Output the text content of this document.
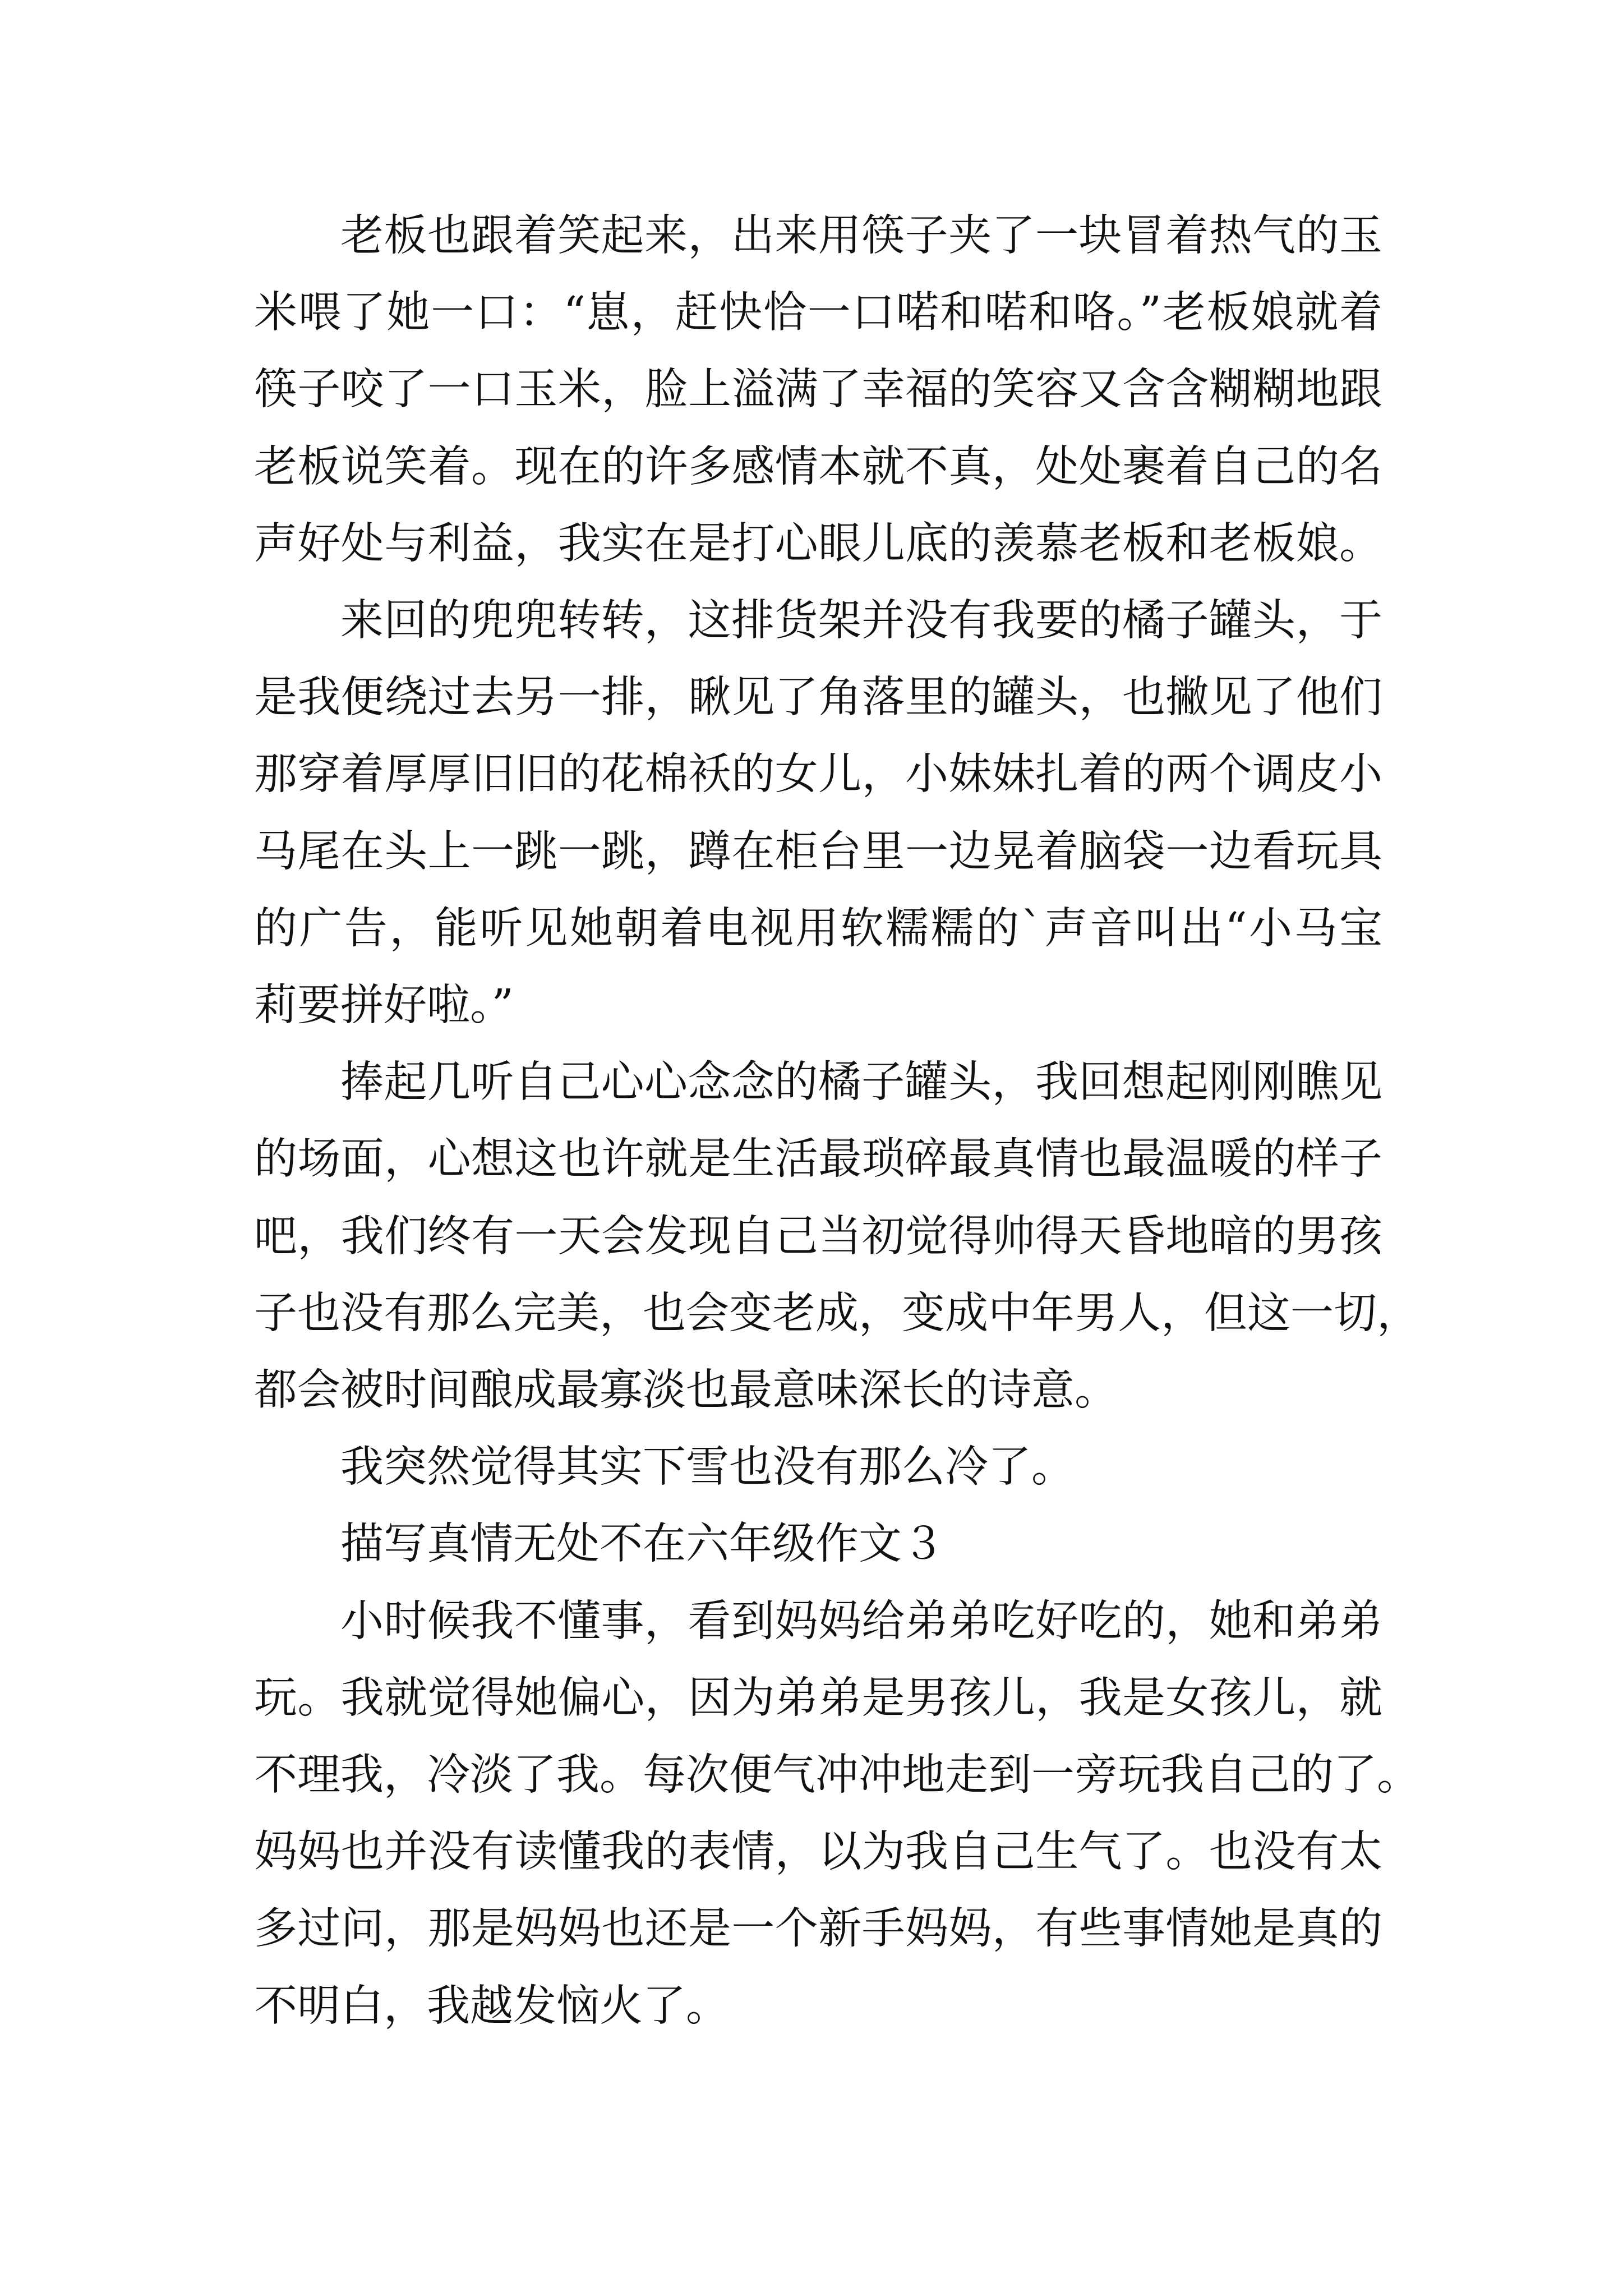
老板也跟着笑起来，出来用筷子夹了一块冒着热气的玉
米喂了她一口：“崽，赶快恰一口喏和喏和咯。”老板娘就着
筷子咬了一口玉米，脸上溢满了幸福的笑容又含含糊糊地跟
老板说笑着。现在的许多感情本就不真，处处裹着自己的名
声好处与利益，我实在是打心眼儿底的羡慕老板和老板娘。

来回的兜兜转转，这排货架并没有我要的橘子罐头，于
是我便绕过去另一排，瞅见了角落里的罐头，也撇见了他们
那穿着厚厚旧旧的花棉袄的女儿，小妹妹扎着的两个调皮小
马尾在头上一跳一跳，蹲在柜台里一边晃着脑袋一边看玩具
的广告，能听见她朝着电视用软糯糯的`声音叫出“小马宝
莉要拼好啦。”

捧起几听自己心心念念的橘子罐头，我回想起刚刚瞧见
的场面，心想这也许就是生活最琐碎最真情也最温暖的样子
吧，我们终有一天会发现自己当初觉得帅得天昏地暗的男孩
子也没有那么完美，也会变老成，变成中年男人，但这一切，
都会被时间酿成最寡淡也最意味深长的诗意。

我突然觉得其实下雪也没有那么冷了。

描写真情无处不在六年级作文３

小时候我不懂事，看到妈妈给弟弟吃好吃的，她和弟弟
玩。我就觉得她偏心，因为弟弟是男孩儿，我是女孩儿，就
不理我，冷淡了我。每次便气冲冲地走到一旁玩我自己的了。
妈妈也并没有读懂我的表情，以为我自己生气了。也没有太
多过问，那是妈妈也还是一个新手妈妈，有些事情她是真的
不明白，我越发恼火了。
